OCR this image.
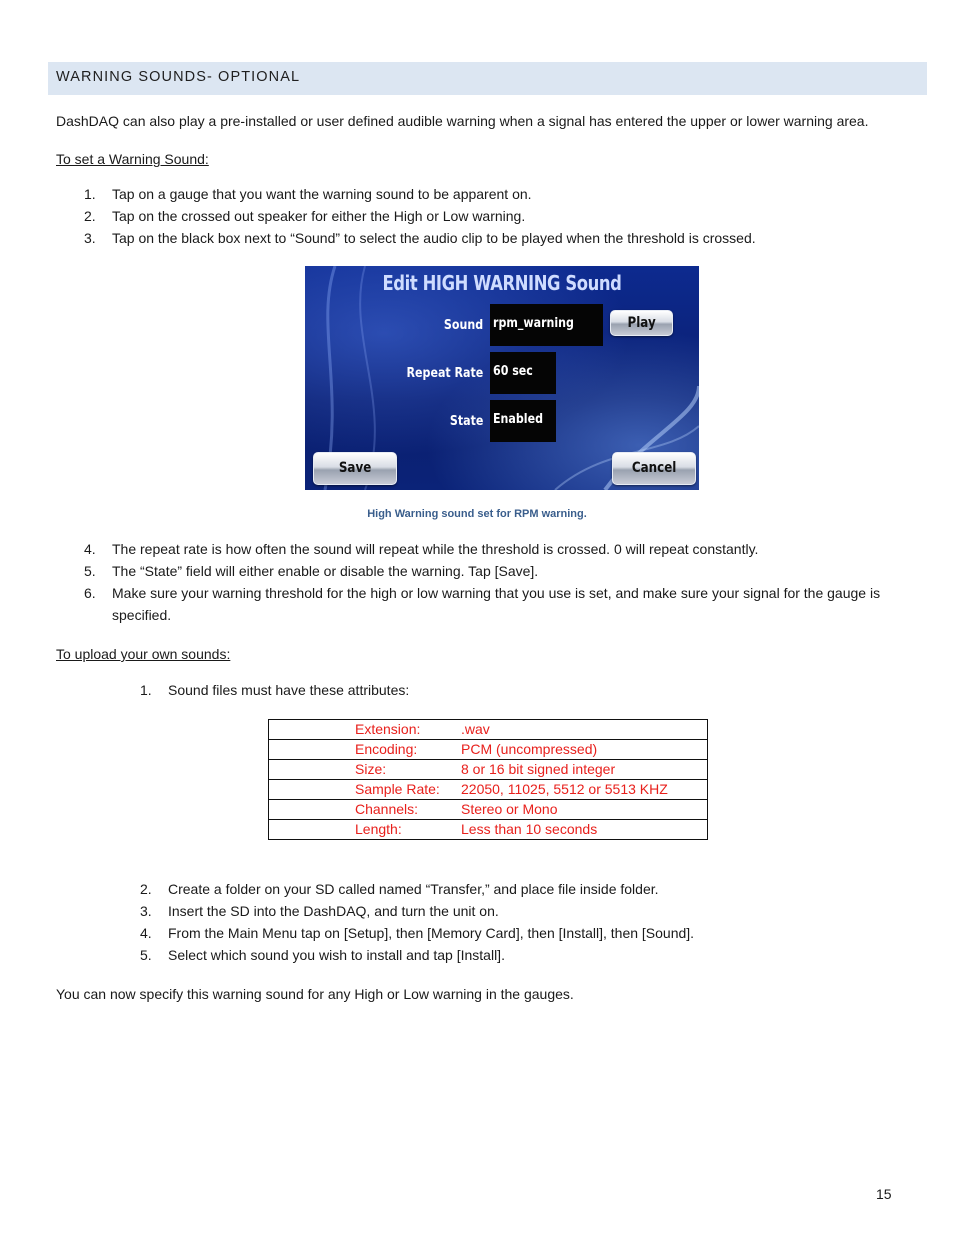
WARNING SOUNDS- OPTIONAL
DashDAQ can also play a pre-installed or user defined audible warning when a signal has entered the upper or lower warning area.
To set a Warning Sound:
1.	Tap on a gauge that you want the warning sound to be apparent on.
2.	Tap on the crossed out speaker for either the High or Low warning.
3.	Tap on the black box next to “Sound” to select the audio clip to be played when the threshold is crossed.
Edit HIGH WARNING Sound
Sound rpm_warning	Play
Repeat Rate 60 sec
State Enabled
Save	Cancel
High Warning sound set for RPM warning.
4.	The repeat rate is how often the sound will repeat while the threshold is crossed. 0 will repeat constantly.
5.	The “State” field will either enable or disable the warning. Tap [Save].
6.	Make sure your warning threshold for the high or low warning that you use is set, and make sure your signal for the gauge is
specified.
To upload your own sounds:
1.	Sound files must have these attributes:
Extension:	.wav
Encoding:	PCM (uncompressed)
Size:	8 or 16 bit signed integer
Sample Rate: 22050, 11025, 5512 or 5513 KHZ
Channels:	Stereo or Mono
Length:	Less than 10 seconds
2.	Create a folder on your SD called named “Transfer,” and place file inside folder.
3.	Insert the SD into the DashDAQ, and turn the unit on.
4.	From the Main Menu tap on [Setup], then [Memory Card], then [Install], then [Sound].
5.	Select which sound you wish to install and tap [Install].
You can now specify this warning sound for any High or Low warning in the gauges.
15
